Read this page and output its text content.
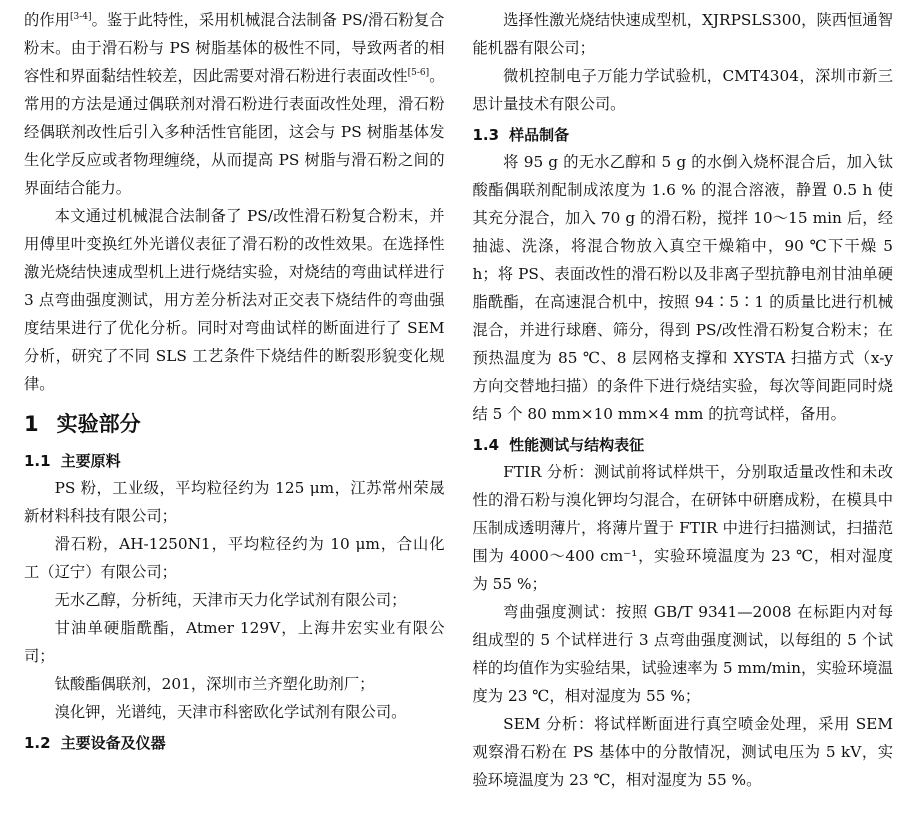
的作用[3-4]。鉴于此特性，采用机械混合法制备 PS/滑石粉复合粉末。由于滑石粉与 PS 树脂基体的极性不同，导致两者的相容性和界面黏结性较差，因此需要对滑石粉进行表面改性[5-6]。常用的方法是通过偶联剂对滑石粉进行表面改性处理，滑石粉经偶联剂改性后引入多种活性官能团，这会与 PS 树脂基体发生化学反应或者物理缠绕，从而提高 PS 树脂与滑石粉之间的界面结合能力。

本文通过机械混合法制备了 PS/改性滑石粉复合粉末，并用傅里叶变换红外光谱仪表征了滑石粉的改性效果。在选择性激光烧结快速成型机上进行烧结实验，对烧结的弯曲试样进行 3 点弯曲强度测试，用方差分析法对正交表下烧结件的弯曲强度结果进行了优化分析。同时对弯曲试样的断面进行了 SEM 分析，研究了不同 SLS 工艺条件下烧结件的断裂形貌变化规律。

1 实验部分
1.1 主要原料

PS 粉，工业级，平均粒径约为 125 μm，江苏常州荣晟新材料科技有限公司；

滑石粉，AH-1250N1，平均粒径约为 10 μm，合山化工（辽宁）有限公司；

无水乙醇，分析纯，天津市天力化学试剂有限公司；

甘油单硬脂酰酯，Atmer 129V，上海井宏实业有限公司；

钛酸酯偶联剂，201，深圳市兰齐塑化助剂厂；

溴化钾，光谱纯，天津市科密欧化学试剂有限公司。

1.2 主要设备及仪器

选择性激光烧结快速成型机，XJRPSLS300，陕西恒通智能机器有限公司；

微机控制电子万能力学试验机，CMT4304，深圳市新三思计量技术有限公司。

1.3 样品制备

将 95 g 的无水乙醇和 5 g 的水倒入烧杯混合后，加入钛酸酯偶联剂配制成浓度为 1.6 % 的混合溶液，静置 0.5 h 使其充分混合，加入 70 g 的滑石粉，搅拌 10～15 min 后，经抽滤、洗涤，将混合物放入真空干燥箱中，90 ℃下干燥 5 h；将 PS、表面改性的滑石粉以及非离子型抗静电剂甘油单硬脂酰酯，在高速混合机中，按照 94∶5∶1 的质量比进行机械混合，并进行球磨、筛分，得到 PS/改性滑石粉复合粉末；在预热温度为 85 ℃、8 层网格支撑和 XYSTA 扫描方式（x-y 方向交替地扫描）的条件下进行烧结实验，每次等间距同时烧结 5 个 80 mm×10 mm×4 mm 的抗弯试样，备用。

1.4 性能测试与结构表征

FTIR 分析：测试前将试样烘干，分别取适量改性和未改性的滑石粉与溴化钾均匀混合，在研钵中研磨成粉，在模具中压制成透明薄片，将薄片置于 FTIR 中进行扫描测试，扫描范围为 4000～400 cm⁻¹，实验环境温度为 23 ℃，相对湿度为 55 %；

弯曲强度测试：按照 GB/T 9341—2008 在标距内对每组成型的 5 个试样进行 3 点弯曲强度测试，以每组的 5 个试样的均值作为实验结果，试验速率为 5 mm/min，实验环境温度为 23 ℃，相对湿度为 55 %；

SEM 分析：将试样断面进行真空喷金处理，采用 SEM 观察滑石粉在 PS 基体中的分散情况，测试电压为 5 kV，实验环境温度为 23 ℃，相对湿度为 55 %。
